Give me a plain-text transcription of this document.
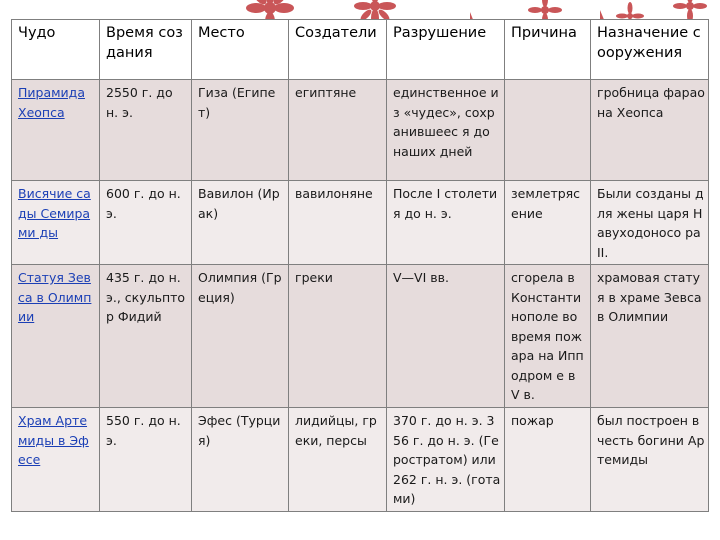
Чудо	Время создания	Место	Создатели	Разрушение	Причина	Назначение сооружения
Пирамида Хеопса	2550 г. до н. э.	Гиза (Египет)	египтяне	единственное из «чудес», сохранившеес я до наших дней		гробница фараона Хеопса
Висячие сады Семирами ды	600 г. до н. э.	Вавилон (Ирак)	вавилоняне	После I столетия до н. э.	землетряс ение	Были созданы для жены царя Навуходоносо ра II.
Статуя Зевса в Олимпии	435 г. до н. э., скульптор Фидий	Олимпия (Греция)	греки	V—VI вв.	сгорела в Константи нополе во время пожара на Ипподром е в V в.	храмовая статуя в храме Зевса в Олимпии
Храм Артемиды в Эфесе	550 г. до н. э.	Эфес (Турция)	лидийцы, греки, персы	370 г. до н. э. 356 г. до н. э. (Геростратом) или 262 г. н. э. (готами)	пожар	был построен в честь богини Артемиды
